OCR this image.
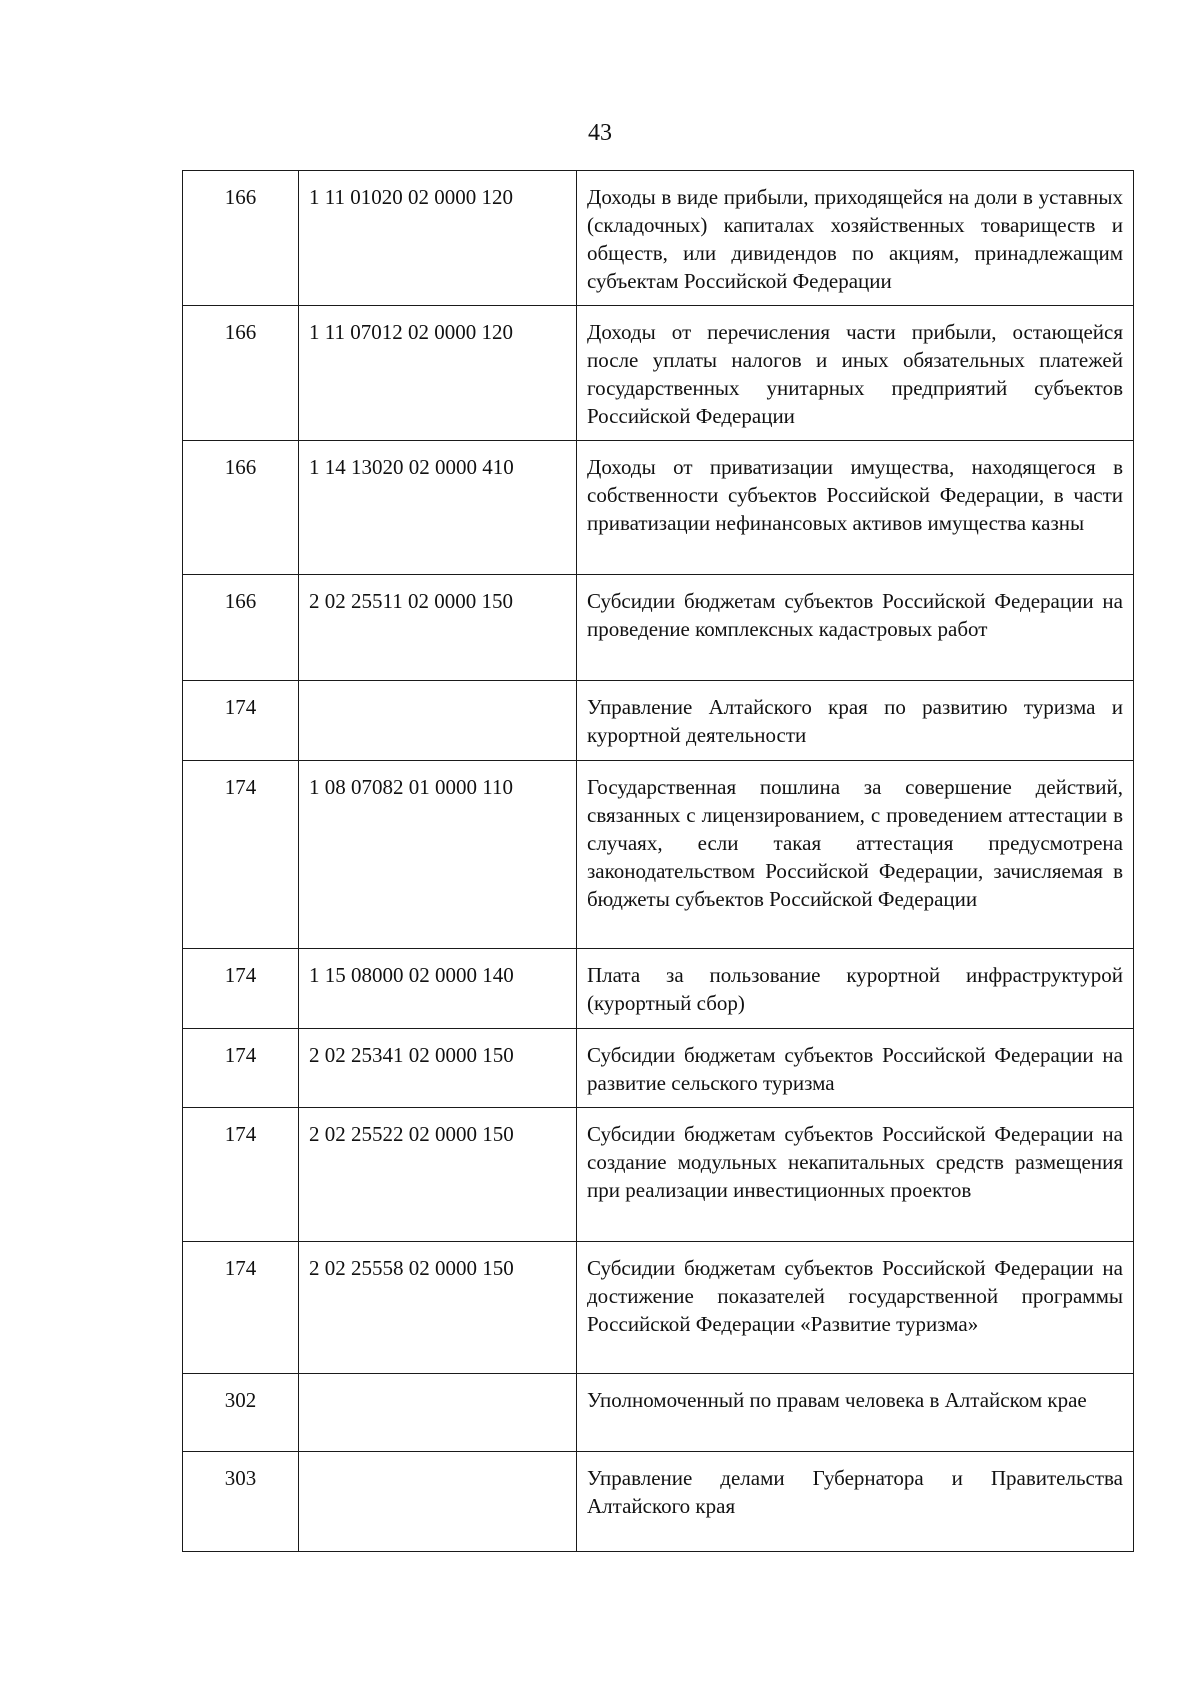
43
166	1 11 01020 02 0000 120	Доходы в виде прибыли, приходящейся на доли в уставных (складочных) капиталах хозяйственных товариществ и обществ, или дивидендов по акциям, принадлежащим субъектам Российской Федерации
166	1 11 07012 02 0000 120	Доходы от перечисления части прибыли, остающейся после уплаты налогов и иных обязательных платежей государственных унитарных предприятий субъектов Российской Федерации
166	1 14 13020 02 0000 410	Доходы от приватизации имущества, находящегося в собственности субъектов Российской Федерации, в части приватизации нефинансовых активов имущества казны
166	2 02 25511 02 0000 150	Субсидии бюджетам субъектов Российской Федерации на проведение комплексных кадастровых работ
174		Управление Алтайского края по развитию туризма и курортной деятельности
174	1 08 07082 01 0000 110	Государственная пошлина за совершение действий, связанных с лицензированием, с проведением аттестации в случаях, если такая аттестация предусмотрена законодательством Российской Федерации, зачисляемая в бюджеты субъектов Российской Федерации
174	1 15 08000 02 0000 140	Плата за пользование курортной инфраструктурой (курортный сбор)
174	2 02 25341 02 0000 150	Субсидии бюджетам субъектов Российской Федерации на развитие сельского туризма
174	2 02 25522 02 0000 150	Субсидии бюджетам субъектов Российской Федерации на создание модульных некапитальных средств размещения при реализации инвестиционных проектов
174	2 02 25558 02 0000 150	Субсидии бюджетам субъектов Российской Федерации на достижение показателей государственной программы Российской Федерации «Развитие туризма»
302		Уполномоченный по правам человека в Алтайском крае
303		Управление делами Губернатора и Правительства Алтайского края
